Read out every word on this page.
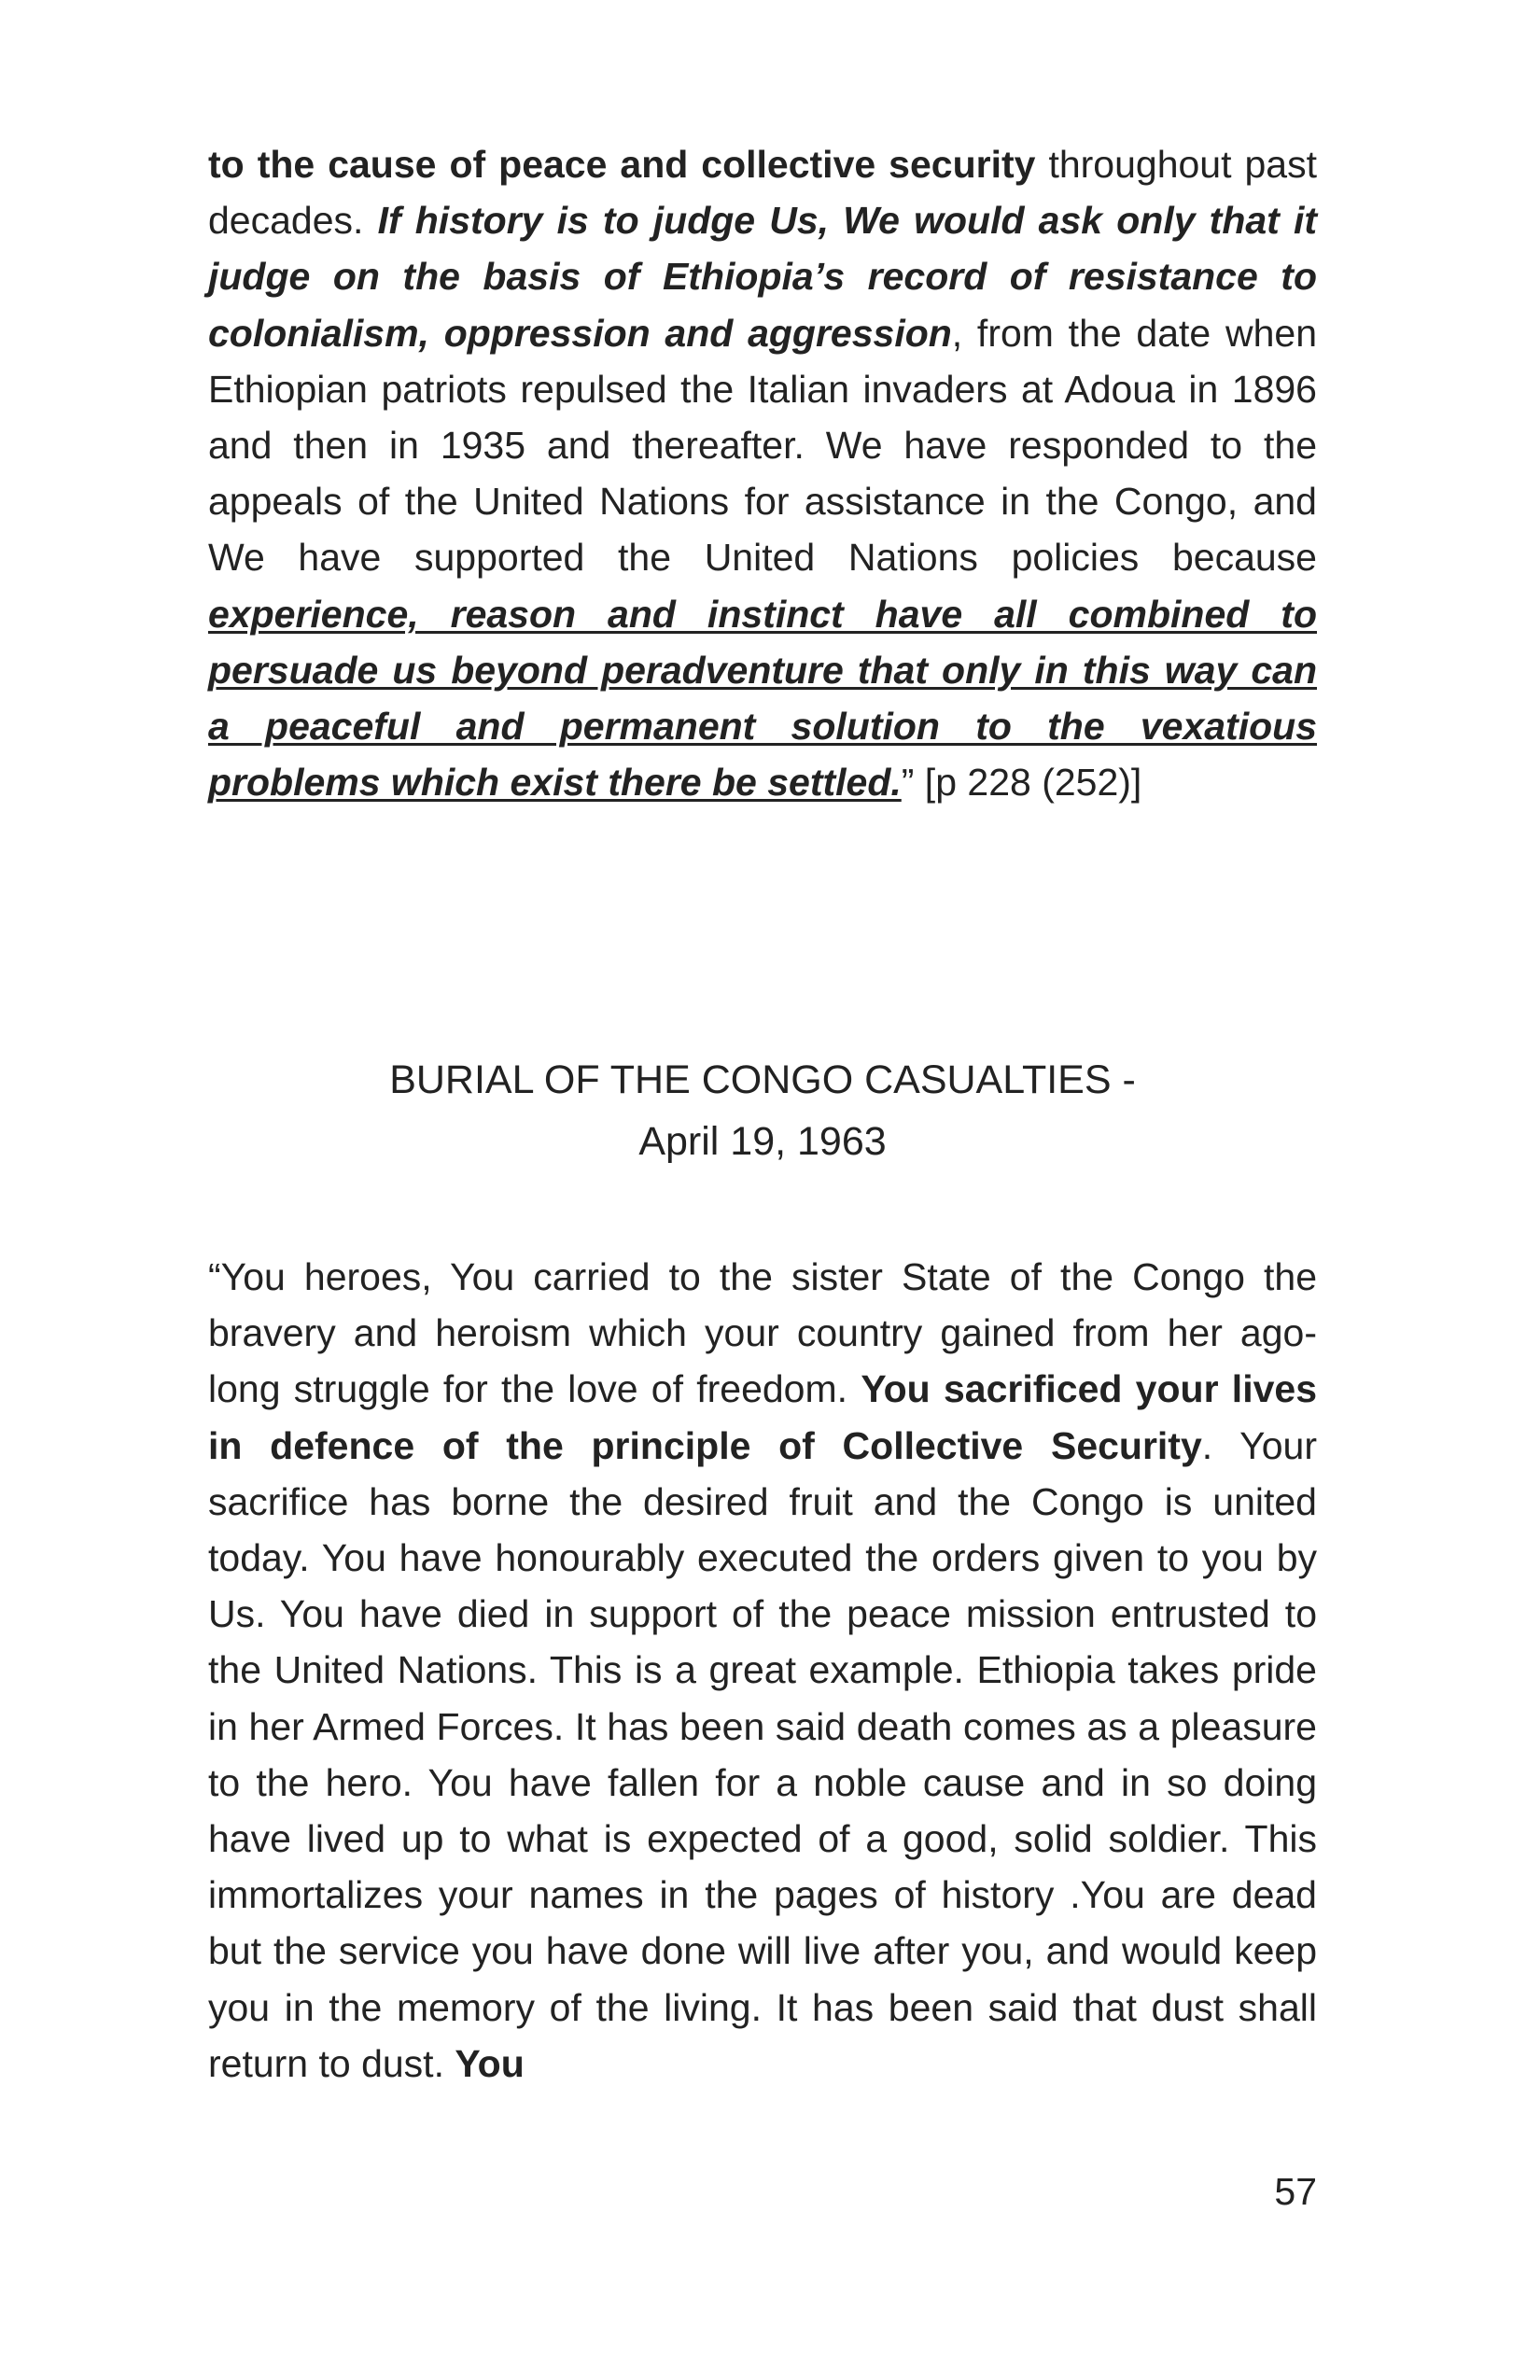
to the cause of peace and collective security throughout past decades. If history is to judge Us, We would ask only that it judge on the basis of Ethiopia’s record of resistance to colonialism, oppression and aggression, from the date when Ethiopian patriots repulsed the Italian invaders at Adoua in 1896 and then in 1935 and thereafter. We have responded to the appeals of the United Nations for assistance in the Congo, and We have supported the United Nations policies because experience, reason and instinct have all combined to persuade us beyond peradventure that only in this way can a peaceful and permanent solution to the vexatious problems which exist there be settled.” [p 228 (252)]

BURIAL OF THE CONGO CASUALTIES -
April 19, 1963

“You heroes, You carried to the sister State of the Congo the bravery and heroism which your country gained from her ago-long struggle for the love of freedom. You sacrificed your lives in defence of the principle of Collective Security. Your sacrifice has borne the desired fruit and the Congo is united today. You have honourably executed the orders given to you by Us. You have died in support of the peace mission entrusted to the United Nations. This is a great example. Ethiopia takes pride in her Armed Forces. It has been said death comes as a pleasure to the hero. You have fallen for a noble cause and in so doing have lived up to what is expected of a good, solid soldier. This immortalizes your names in the pages of history .You are dead but the service you have done will live after you, and would keep you in the memory of the living. It has been said that dust shall return to dust. You

57
